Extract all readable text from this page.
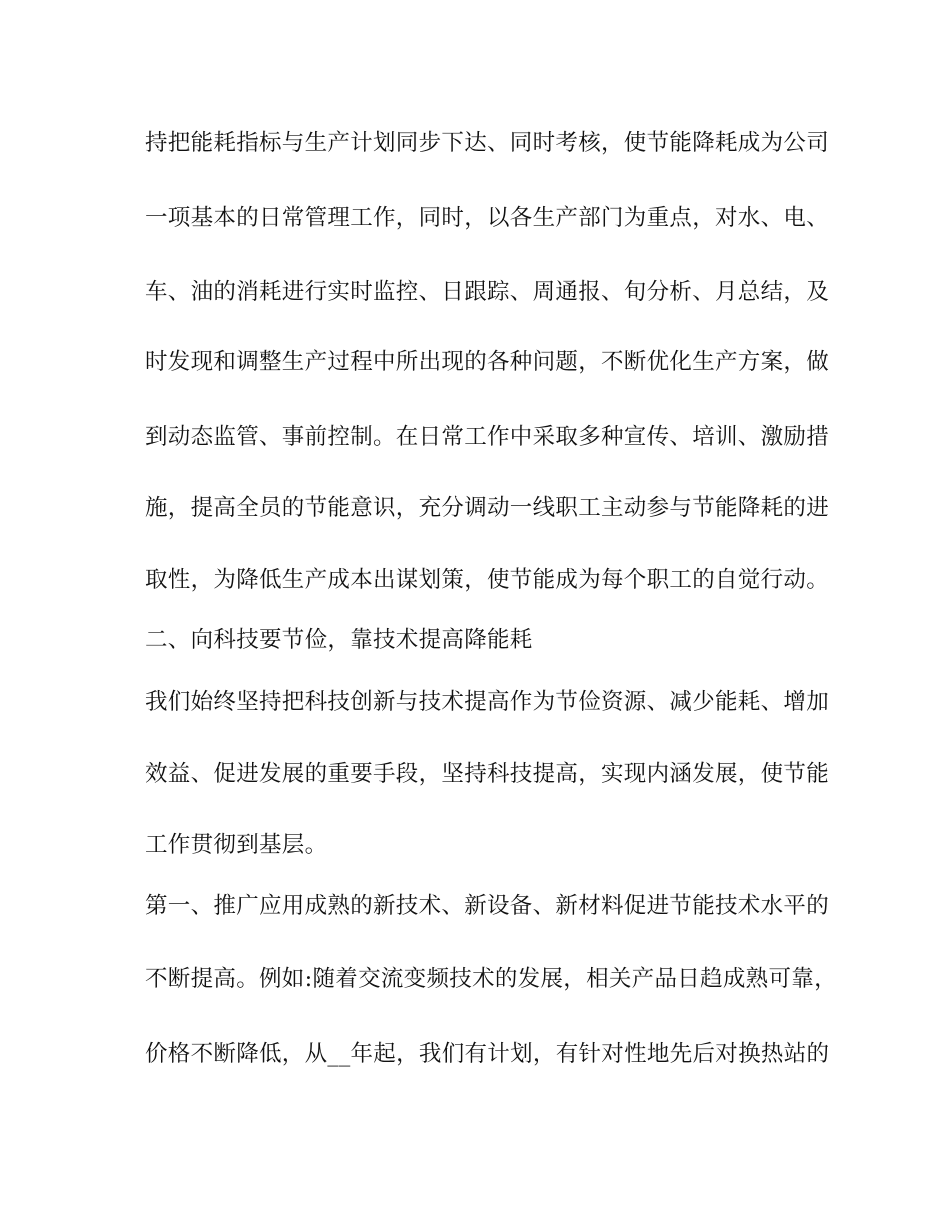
持把能耗指标与生产计划同步下达、同时考核，使节能降耗成为公司
一项基本的日常管理工作，同时，以各生产部门为重点，对水、电、
车、油的消耗进行实时监控、日跟踪、周通报、旬分析、月总结，及
时发现和调整生产过程中所出现的各种问题，不断优化生产方案，做
到动态监管、事前控制。在日常工作中采取多种宣传、培训、激励措
施，提高全员的节能意识，充分调动一线职工主动参与节能降耗的进
取性，为降低生产成本出谋划策，使节能成为每个职工的自觉行动。
二、向科技要节俭，靠技术提高降能耗
我们始终坚持把科技创新与技术提高作为节俭资源、减少能耗、增加
效益、促进发展的重要手段，坚持科技提高，实现内涵发展，使节能
工作贯彻到基层。
第一、推广应用成熟的新技术、新设备、新材料促进节能技术水平的
不断提高。例如:随着交流变频技术的发展，相关产品日趋成熟可靠，
价格不断降低，从__年起，我们有计划，有针对性地先后对换热站的
